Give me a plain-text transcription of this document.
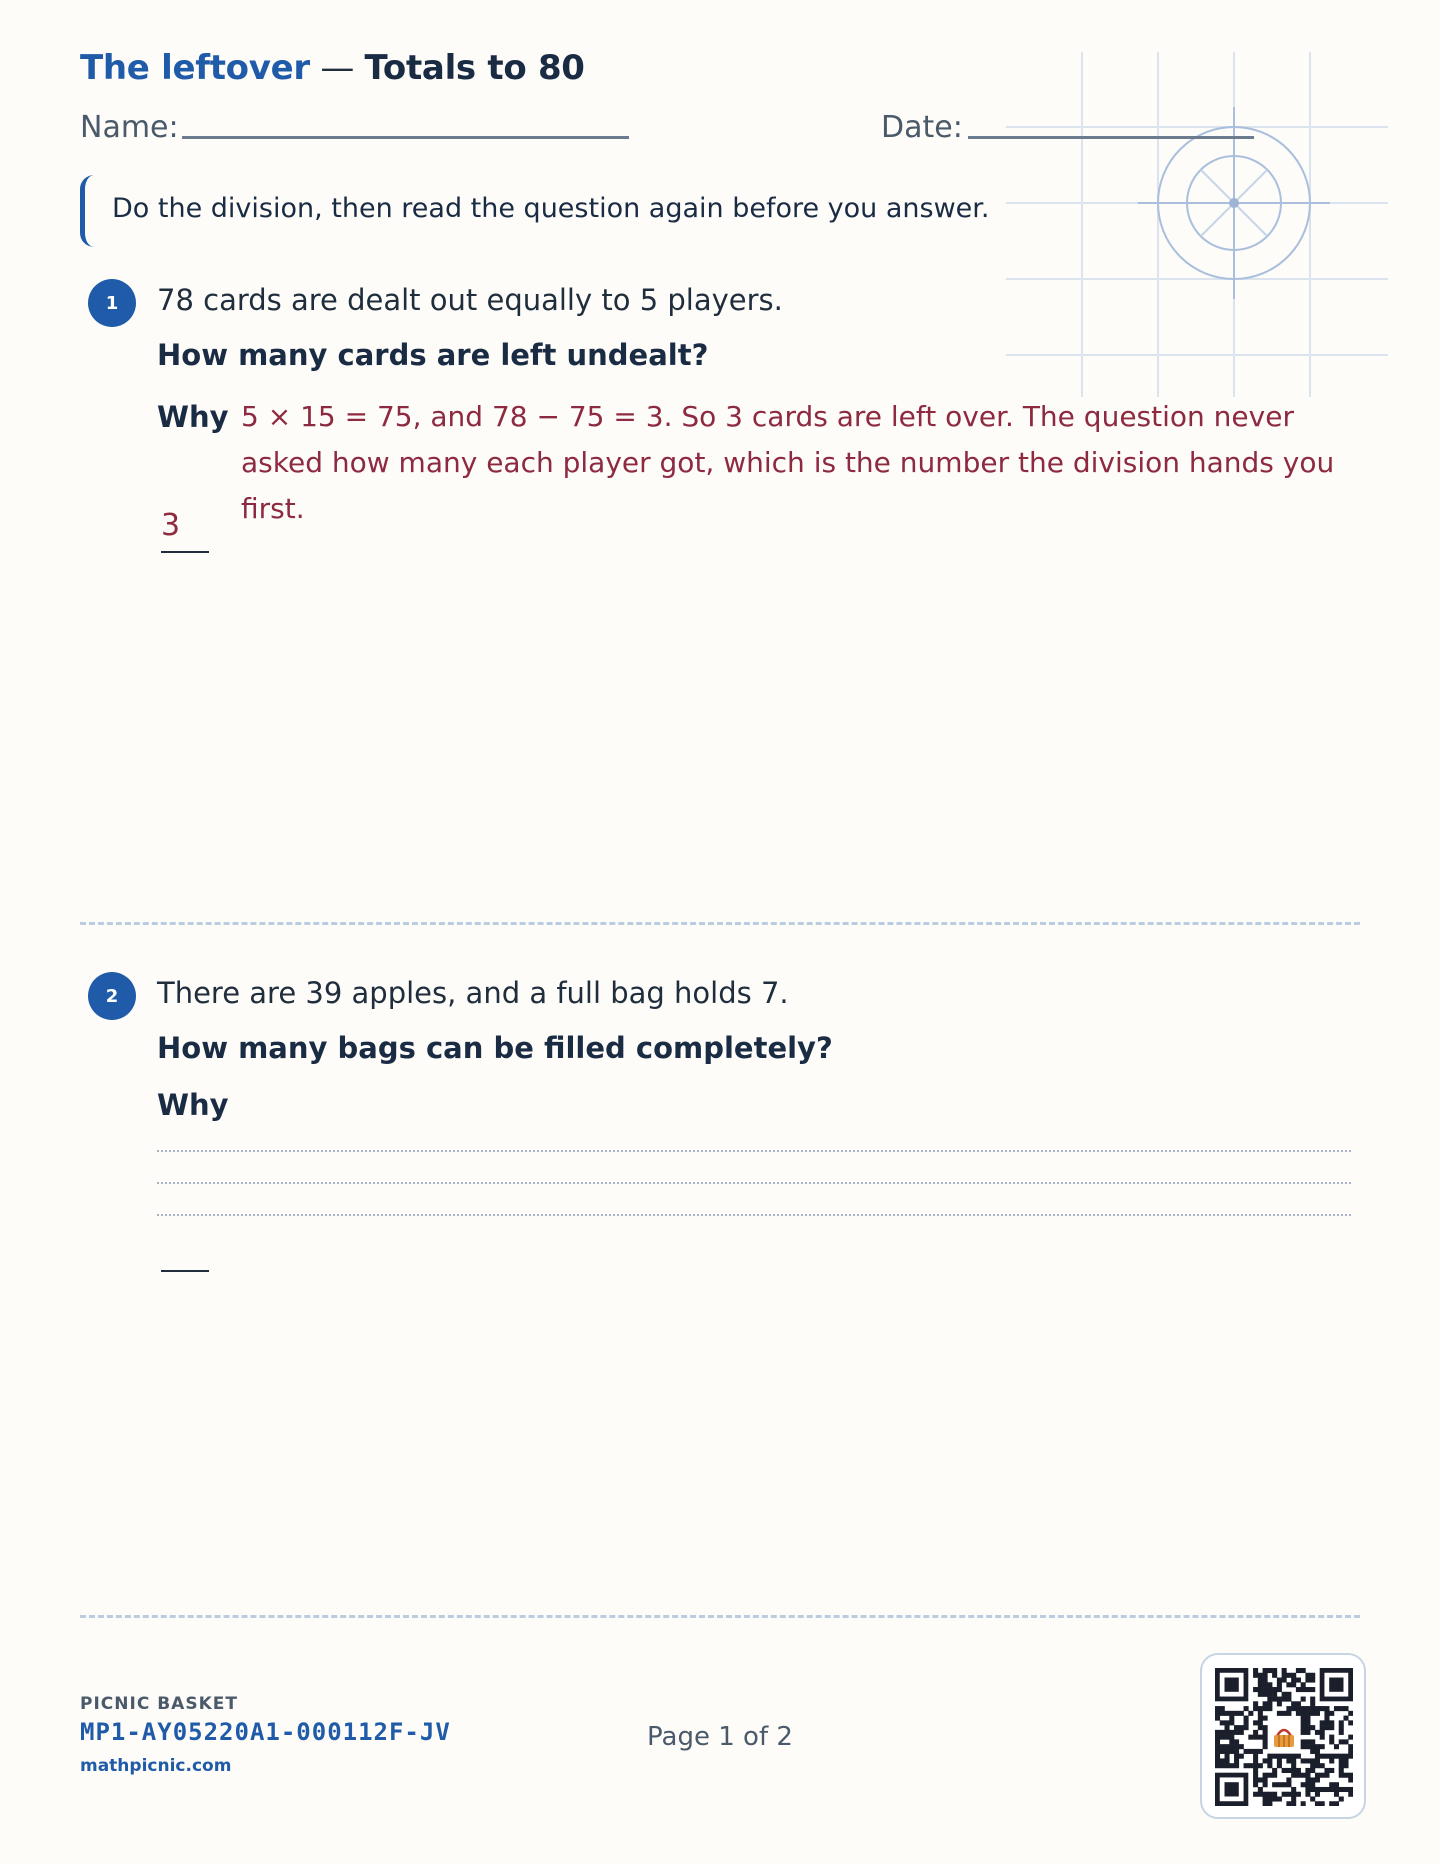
The leftover — Totals to 80
Name:	Date:
Do the division, then read the question again before you answer.
1	78 cards are dealt out equally to 5 players.
How many cards are left undealt?
Why 5 × 15 = 75, and 78 − 75 = 3. So 3 cards are left over. The question never asked how many each player got, which is the number the division hands you first.
3
2	There are 39 apples, and a full bag holds 7.
How many bags can be filled completely?
Why
PICNIC BASKET
MP1-AY05220A1-000112F-JV
mathpicnic.com
Page 1 of 2
